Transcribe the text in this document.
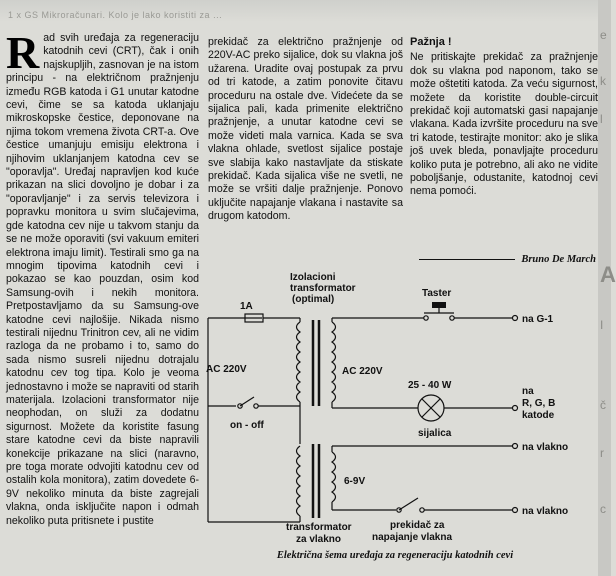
1 x GS Mikroračunari. Kolo je lako koristiti za ...
e
k
l
A
I
č
r
c
R ad svih uređaja za regeneraciju katodnih cevi (CRT), čak i onih najskupljih, zasnovan je na istom principu - na električnom pražnjenju između RGB katoda i G1 unutar katodne cevi, čime se sa katoda uklanjaju mikroskopske čestice, deponovane na njima tokom vremena života CRT-a. Ove čestice umanjuju emisiju elektrona i njihovim uklanjanjem katodna cev se "oporavlja". Uređaj napravljen kod kuće prikazan na slici dovoljno je dobar i za "oporavljanje" i za servis televizora i popravku monitora u svim slučajevima, gde katodna cev nije u takvom stanju da se ne može oporaviti (svi vakuum emiteri elektrona imaju limit). Testirali smo ga na mnogim tipovima katodnih cevi i pokazao se kao pouzdan, osim kod Samsung-ovih i nekih monitora. Pretpostavljamo da su Samsung-ove katodne cevi najlošije. Nikada nismo testirali nijednu Trinitron cev, ali ne vidim razloga da ne probamo i to, samo do sada nismo susreli nijednu dotrajalu katodnu cev tog tipa. Kolo je veoma jednostavno i može se napraviti od starih materijala. Izolacioni transformator nije neophodan, on služi za dodatnu sigurnost. Možete da koristite fasung stare katodne cevi da biste napravili konekcije prikazane na slici (naravno, pre toga morate odvojiti katodnu cev od ostalih kola monitora), zatim dovedete 6-9V nekoliko minuta da biste zagrejali vlakna, onda isključite napon i odmah nekoliko puta pritisnete i pustite
prekidač za električno pražnjenje od 220V-AC preko sijalice, dok su vlakna još užarena. Uradite ovaj postupak za prvu od tri katode, a zatim ponovite čitavu proceduru na ostale dve. Videćete da se sijalica pali, kada primenite električno pražnjenje, a unutar katodne cevi se može videti mala varnica. Kada se sva vlakna ohlade, svetlost sijalice postaje sve slabija kako nastavljate da stiskate prekidač. Kada sijalica više ne svetli, ne može se vršiti dalje pražnjenje. Ponovo uključite napajanje vlakana i nastavite sa drugom katodom.
Pažnja !
Ne pritiskajte prekidač za pražnjenje dok su vlakna pod naponom, tako se može oštetiti katoda. Za veću sigurnost, možete da koristite double-circuit prekidač koji automatski gasi napajanje vlakana. Kada izvršite proceduru na sve tri katode, testirajte monitor: ako je slika još uvek bleda, ponavljajte proceduru koliko puta je potrebno, ali ako ne vidite poboljšanje, odustanite, katodnoj cevi nema pomoći.
Bruno De March
1A
Izolacioni
transformator
(optimal)
AC 220V	AC 220V
on - off
Taster
na G-1
25 - 40 W
sijalica
na
R, G, B
katode
6-9V
na vlakno
na vlakno
transformator
za vlakno
prekidač za
napajanje vlakna
Električna šema uređaja za regeneraciju katodnih cevi
